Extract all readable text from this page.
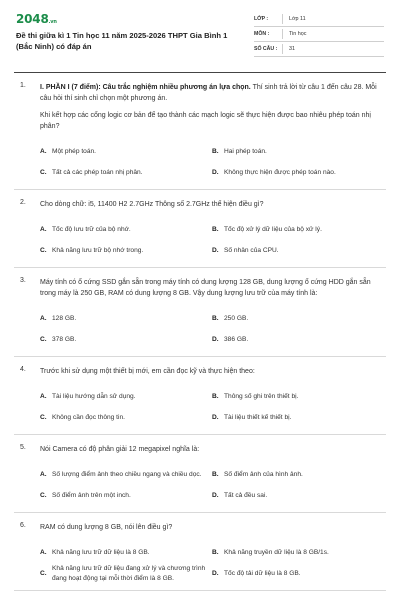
2048.vn
Đề thi giữa kì 1 Tin học 11 năm 2025-2026 THPT Gia Bình 1 (Bắc Ninh) có đáp án
LỚP :	Lớp 11
MÔN :	Tin học
SỐ CÂU :	31
1. I. PHẦN I (7 điểm): Câu trắc nghiệm nhiều phương án lựa chọn. Thí sinh trả lời từ câu 1 đến câu 28. Mỗi câu hỏi thí sinh chỉ chọn một phương án.
Khi kết hợp các cổng logic cơ bản để tạo thành các mạch logic sẽ thực hiện được bao nhiêu phép toán nhị phân?
A. Một phép toán.	B. Hai phép toán.
C. Tất cả các phép toán nhị phân.	D. Không thực hiện được phép toán nào.
2. Cho dòng chữ: i5, 11400 H2 2.7GHz Thông số 2.7GHz thể hiện điều gì?
A. Tốc độ lưu trữ của bộ nhớ.	B. Tốc độ xử lý dữ liệu của bộ xử lý.
C. Khả năng lưu trữ bộ nhớ trong.	D. Số nhân của CPU.
3. Máy tính có ổ cứng SSD gắn sẵn trong máy tính có dung lượng 128 GB, dung lượng ổ cứng HDD gắn sẵn trong máy là 250 GB, RAM có dung lượng 8 GB. Vậy dung lượng lưu trữ của máy tính là:
A. 128 GB.	B. 250 GB.
C. 378 GB.	D. 386 GB.
4. Trước khi sử dụng một thiết bị mới, em cần đọc kỹ và thực hiện theo:
A. Tài liệu hướng dẫn sử dụng.	B. Thông số ghi trên thiết bị.
C. Không cần đọc thông tin.	D. Tài liệu thiết kế thiết bị.
5. Nói Camera có độ phân giải 12 megapixel nghĩa là:
A. Số lượng điểm ảnh theo chiều ngang và chiều dọc.	B. Số điểm ảnh của hình ảnh.
C. Số điểm ảnh trên một inch.	D. Tất cả đều sai.
6. RAM có dung lượng 8 GB, nói lên điều gì?
A. Khả năng lưu trữ dữ liệu là 8 GB.	B. Khả năng truyền dữ liệu là 8 GB/1s.
C.
Khả năng lưu trữ dữ liệu đang xử lý và chương trình đang hoạt động tại mỗi thời điểm là 8 GB.
D. Tốc độ tải dữ liệu là 8 GB.
